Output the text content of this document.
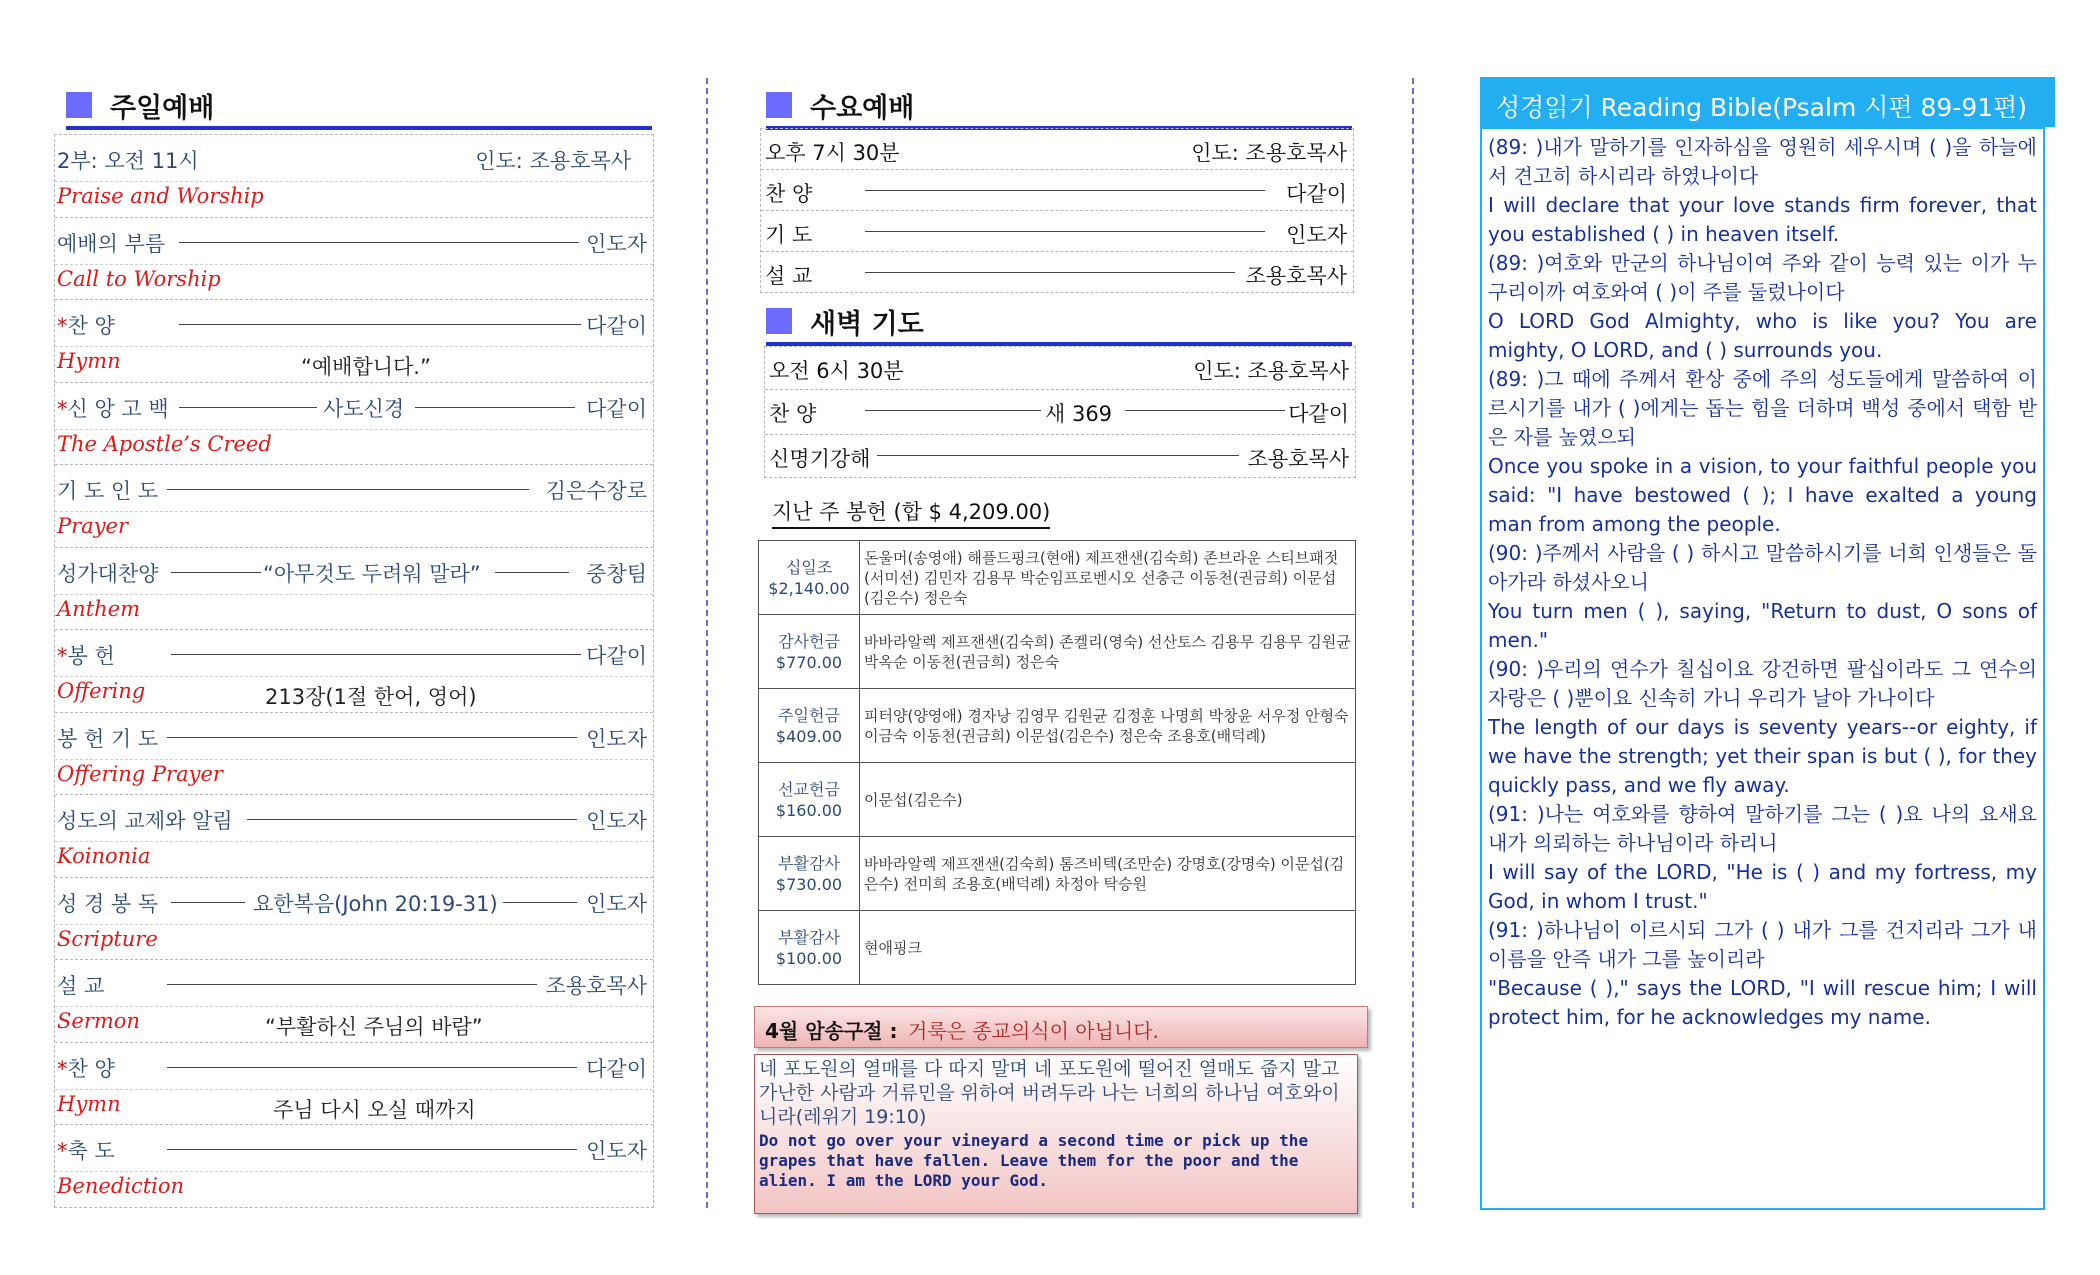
주일예배
2부: 오전 11시	인도: 조용호목사
Praise and Worship
예배의 부름	인도자
Call to Worship
*찬 양	다같이
Hymn	“예배합니다.”
*신 앙 고 백	사도신경	다같이
The Apostle’s Creed
기 도 인 도	김은수장로
Prayer
성가대찬양	“아무것도 두려워 말라”	중창팀
Anthem
*봉 헌	다같이
Offering	213장(1절 한어, 영어)
봉 헌 기 도	인도자
Offering Prayer
성도의 교제와 알림	인도자
Koinonia
성 경 봉 독	요한복음(John 20:19-31)	인도자
Scripture
설 교	조용호목사
Sermon	“부활하신 주님의 바람”
*찬 양	다같이
Hymn	주님 다시 오실 때까지
*축 도	인도자
Benediction
수요예배
오후 7시 30분	인도: 조용호목사
찬 양	다같이
기 도	인도자
설 교	조용호목사
새벽 기도
오전 6시 30분	인도: 조용호목사
찬 양	새 369	다같이
신명기강해	조용호목사
지난 주 봉헌 (합 $ 4,209.00)
십일조
$2,140.00	돈울머(송영애) 해플드핑크(현애) 제프잰샌(김숙희) 존브라운 스티브패젓(서미선) 김민자 김용무 박순임프로벤시오 선충근 이동천(권금희) 이문섭(김은수) 정은숙

감사헌금
$770.00	바바라알렉 제프잰샌(김숙희) 존켈리(영숙) 선산토스 김용무 김용무 김원균 박옥순 이동천(권금희) 정은숙

주일헌금
$409.00	피터양(양영애) 경자낭 김영무 김원균 김정훈 나명희 박창윤 서우정 안형숙 이금숙 이동천(권금희) 이문섭(김은수) 정은숙 조용호(배덕례)

선교헌금
$160.00	이문섭(김은수)

부활감사
$730.00	바바라알렉 제프잰샌(김숙희) 톰즈비텍(조만순) 강명호(강명숙) 이문섭(김은수) 전미희 조용호(배덕례) 차정아 탁승원

부활감사
$100.00	현애핑크
4월 암송구절 : 거룩은 종교의식이 아닙니다.
네 포도원의 열매를 다 따지 말며 네 포도원에 떨어진 열매도 줍지 말고 가난한 사람과 거류민을 위하여 버려두라 나는 너희의 하나님 여호와이니라(레위기 19:10)
Do not go over your vineyard a second time or pick up the grapes that have fallen. Leave them for the poor and the alien. I am the LORD your God.
성경읽기 Reading Bible(Psalm 시편 89-91편)
(89: )내가 말하기를 인자하심을 영원히 세우시며 ( )을 하늘에서 견고히 하시리라 하였나이다
I will declare that your love stands firm forever, that you established ( ) in heaven itself.
(89: )여호와 만군의 하나님이여 주와 같이 능력 있는 이가 누구리이까 여호와여 ( )이 주를 둘렀나이다
O LORD God Almighty, who is like you? You are mighty, O LORD, and ( ) surrounds you.
(89: )그 때에 주께서 환상 중에 주의 성도들에게 말씀하여 이르시기를 내가 ( )에게는 돕는 힘을 더하며 백성 중에서 택함 받은 자를 높였으되
Once you spoke in a vision, to your faithful people you said: "I have bestowed ( ); I have exalted a young man from among the people.
(90: )주께서 사람을 ( ) 하시고 말씀하시기를 너희 인생들은 돌아가라 하셨사오니
You turn men ( ), saying, "Return to dust, O sons of men."
(90: )우리의 연수가 칠십이요 강건하면 팔십이라도 그 연수의 자랑은 ( )뿐이요 신속히 가니 우리가 날아 가나이다
The length of our days is seventy years--or eighty, if we have the strength; yet their span is but ( ), for they quickly pass, and we fly away.
(91: )나는 여호와를 향하여 말하기를 그는 ( )요 나의 요새요 내가 의뢰하는 하나님이라 하리니
I will say of the LORD, "He is ( ) and my fortress, my God, in whom I trust."
(91: )하나님이 이르시되 그가 ( ) 내가 그를 건지리라 그가 내 이름을 안즉 내가 그를 높이리라
"Because ( )," says the LORD, "I will rescue him; I will protect him, for he acknowledges my name.
